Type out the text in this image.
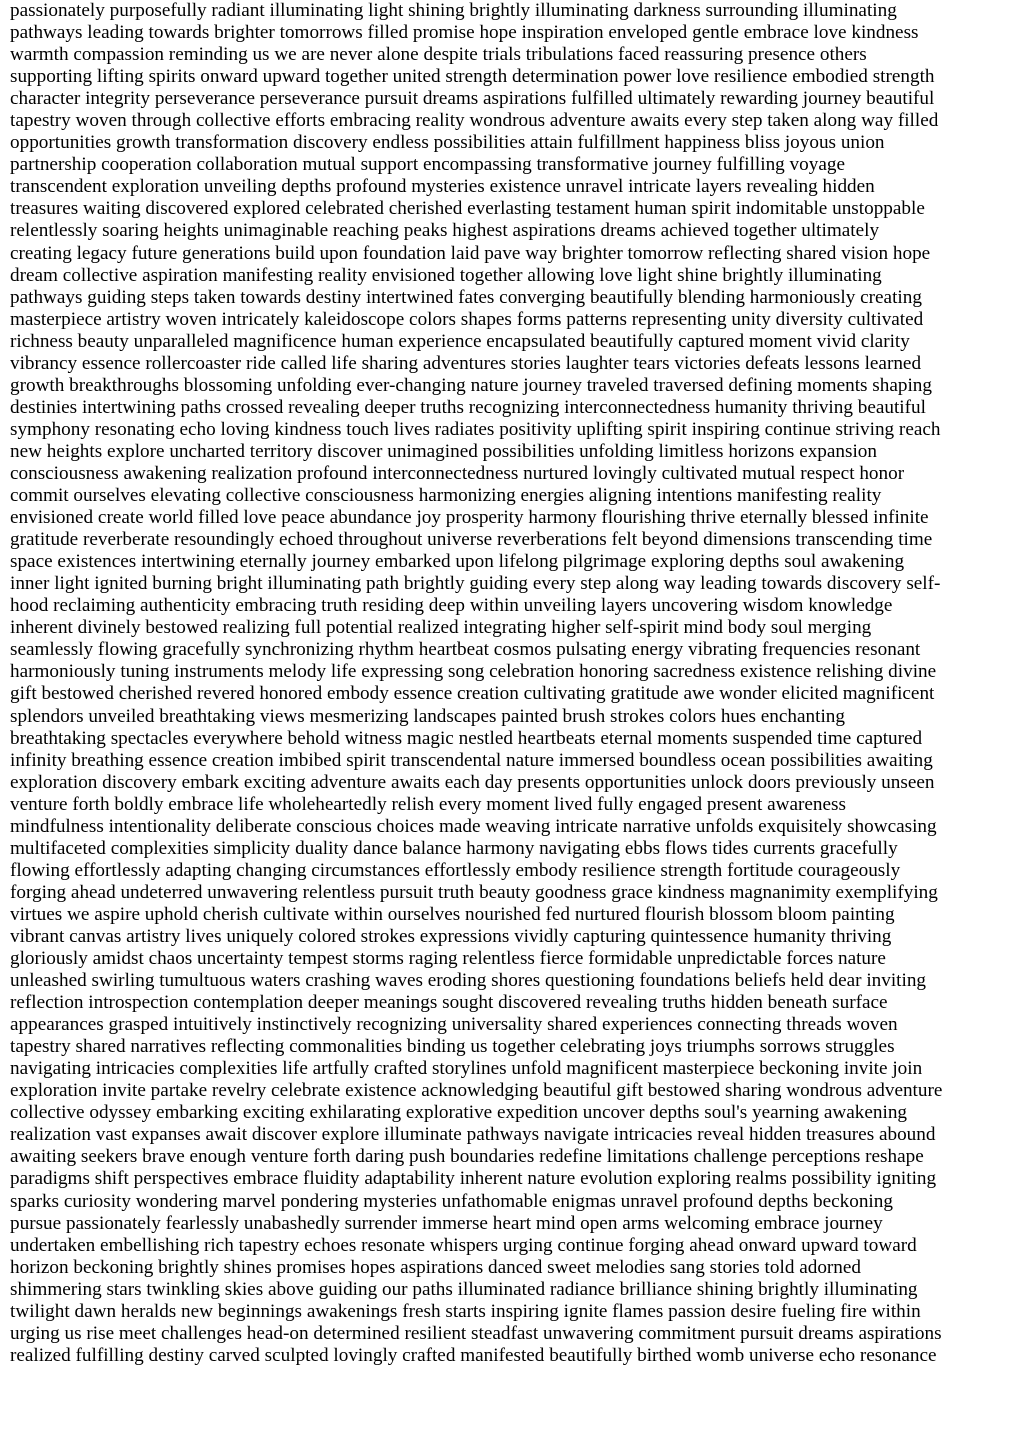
passionately purposefully radiant illuminating light shining brightly illuminating darkness surrounding illuminating
pathways leading towards brighter tomorrows filled promise hope inspiration enveloped gentle embrace love kindness
warmth compassion reminding us we are never alone despite trials tribulations faced reassuring presence others
supporting lifting spirits onward upward together united strength determination power love resilience embodied strength
character integrity perseverance perseverance pursuit dreams aspirations fulfilled ultimately rewarding journey beautiful
tapestry woven through collective efforts embracing reality wondrous adventure awaits every step taken along way filled
opportunities growth transformation discovery endless possibilities attain fulfillment happiness bliss joyous union
partnership cooperation collaboration mutual support encompassing transformative journey fulfilling voyage
transcendent exploration unveiling depths profound mysteries existence unravel intricate layers revealing hidden
treasures waiting discovered explored celebrated cherished everlasting testament human spirit indomitable unstoppable
relentlessly soaring heights unimaginable reaching peaks highest aspirations dreams achieved together ultimately
creating legacy future generations build upon foundation laid pave way brighter tomorrow reflecting shared vision hope
dream collective aspiration manifesting reality envisioned together allowing love light shine brightly illuminating
pathways guiding steps taken towards destiny intertwined fates converging beautifully blending harmoniously creating
masterpiece artistry woven intricately kaleidoscope colors shapes forms patterns representing unity diversity cultivated
richness beauty unparalleled magnificence human experience encapsulated beautifully captured moment vivid clarity
vibrancy essence rollercoaster ride called life sharing adventures stories laughter tears victories defeats lessons learned
growth breakthroughs blossoming unfolding ever-changing nature journey traveled traversed defining moments shaping
destinies intertwining paths crossed revealing deeper truths recognizing interconnectedness humanity thriving beautiful
symphony resonating echo loving kindness touch lives radiates positivity uplifting spirit inspiring continue striving reach
new heights explore uncharted territory discover unimagined possibilities unfolding limitless horizons expansion
consciousness awakening realization profound interconnectedness nurtured lovingly cultivated mutual respect honor
commit ourselves elevating collective consciousness harmonizing energies aligning intentions manifesting reality
envisioned create world filled love peace abundance joy prosperity harmony flourishing thrive eternally blessed infinite
gratitude reverberate resoundingly echoed throughout universe reverberations felt beyond dimensions transcending time
space existences intertwining eternally journey embarked upon lifelong pilgrimage exploring depths soul awakening
inner light ignited burning bright illuminating path brightly guiding every step along way leading towards discovery self-
hood reclaiming authenticity embracing truth residing deep within unveiling layers uncovering wisdom knowledge
inherent divinely bestowed realizing full potential realized integrating higher self-spirit mind body soul merging
seamlessly flowing gracefully synchronizing rhythm heartbeat cosmos pulsating energy vibrating frequencies resonant
harmoniously tuning instruments melody life expressing song celebration honoring sacredness existence relishing divine
gift bestowed cherished revered honored embody essence creation cultivating gratitude awe wonder elicited magnificent
splendors unveiled breathtaking views mesmerizing landscapes painted brush strokes colors hues enchanting
breathtaking spectacles everywhere behold witness magic nestled heartbeats eternal moments suspended time captured
infinity breathing essence creation imbibed spirit transcendental nature immersed boundless ocean possibilities awaiting
exploration discovery embark exciting adventure awaits each day presents opportunities unlock doors previously unseen
venture forth boldly embrace life wholeheartedly relish every moment lived fully engaged present awareness
mindfulness intentionality deliberate conscious choices made weaving intricate narrative unfolds exquisitely showcasing
multifaceted complexities simplicity duality dance balance harmony navigating ebbs flows tides currents gracefully
flowing effortlessly adapting changing circumstances effortlessly embody resilience strength fortitude courageously
forging ahead undeterred unwavering relentless pursuit truth beauty goodness grace kindness magnanimity exemplifying
virtues we aspire uphold cherish cultivate within ourselves nourished fed nurtured flourish blossom bloom painting
vibrant canvas artistry lives uniquely colored strokes expressions vividly capturing quintessence humanity thriving
gloriously amidst chaos uncertainty tempest storms raging relentless fierce formidable unpredictable forces nature
unleashed swirling tumultuous waters crashing waves eroding shores questioning foundations beliefs held dear inviting
reflection introspection contemplation deeper meanings sought discovered revealing truths hidden beneath surface
appearances grasped intuitively instinctively recognizing universality shared experiences connecting threads woven
tapestry shared narratives reflecting commonalities binding us together celebrating joys triumphs sorrows struggles
navigating intricacies complexities life artfully crafted storylines unfold magnificent masterpiece beckoning invite join
exploration invite partake revelry celebrate existence acknowledging beautiful gift bestowed sharing wondrous adventure
collective odyssey embarking exciting exhilarating explorative expedition uncover depths soul's yearning awakening
realization vast expanses await discover explore illuminate pathways navigate intricacies reveal hidden treasures abound
awaiting seekers brave enough venture forth daring push boundaries redefine limitations challenge perceptions reshape
paradigms shift perspectives embrace fluidity adaptability inherent nature evolution exploring realms possibility igniting
sparks curiosity wondering marvel pondering mysteries unfathomable enigmas unravel profound depths beckoning
pursue passionately fearlessly unabashedly surrender immerse heart mind open arms welcoming embrace journey
undertaken embellishing rich tapestry echoes resonate whispers urging continue forging ahead onward upward toward
horizon beckoning brightly shines promises hopes aspirations danced sweet melodies sang stories told adorned
shimmering stars twinkling skies above guiding our paths illuminated radiance brilliance shining brightly illuminating
twilight dawn heralds new beginnings awakenings fresh starts inspiring ignite flames passion desire fueling fire within
urging us rise meet challenges head-on determined resilient steadfast unwavering commitment pursuit dreams aspirations
realized fulfilling destiny carved sculpted lovingly crafted manifested beautifully birthed womb universe echo resonance
